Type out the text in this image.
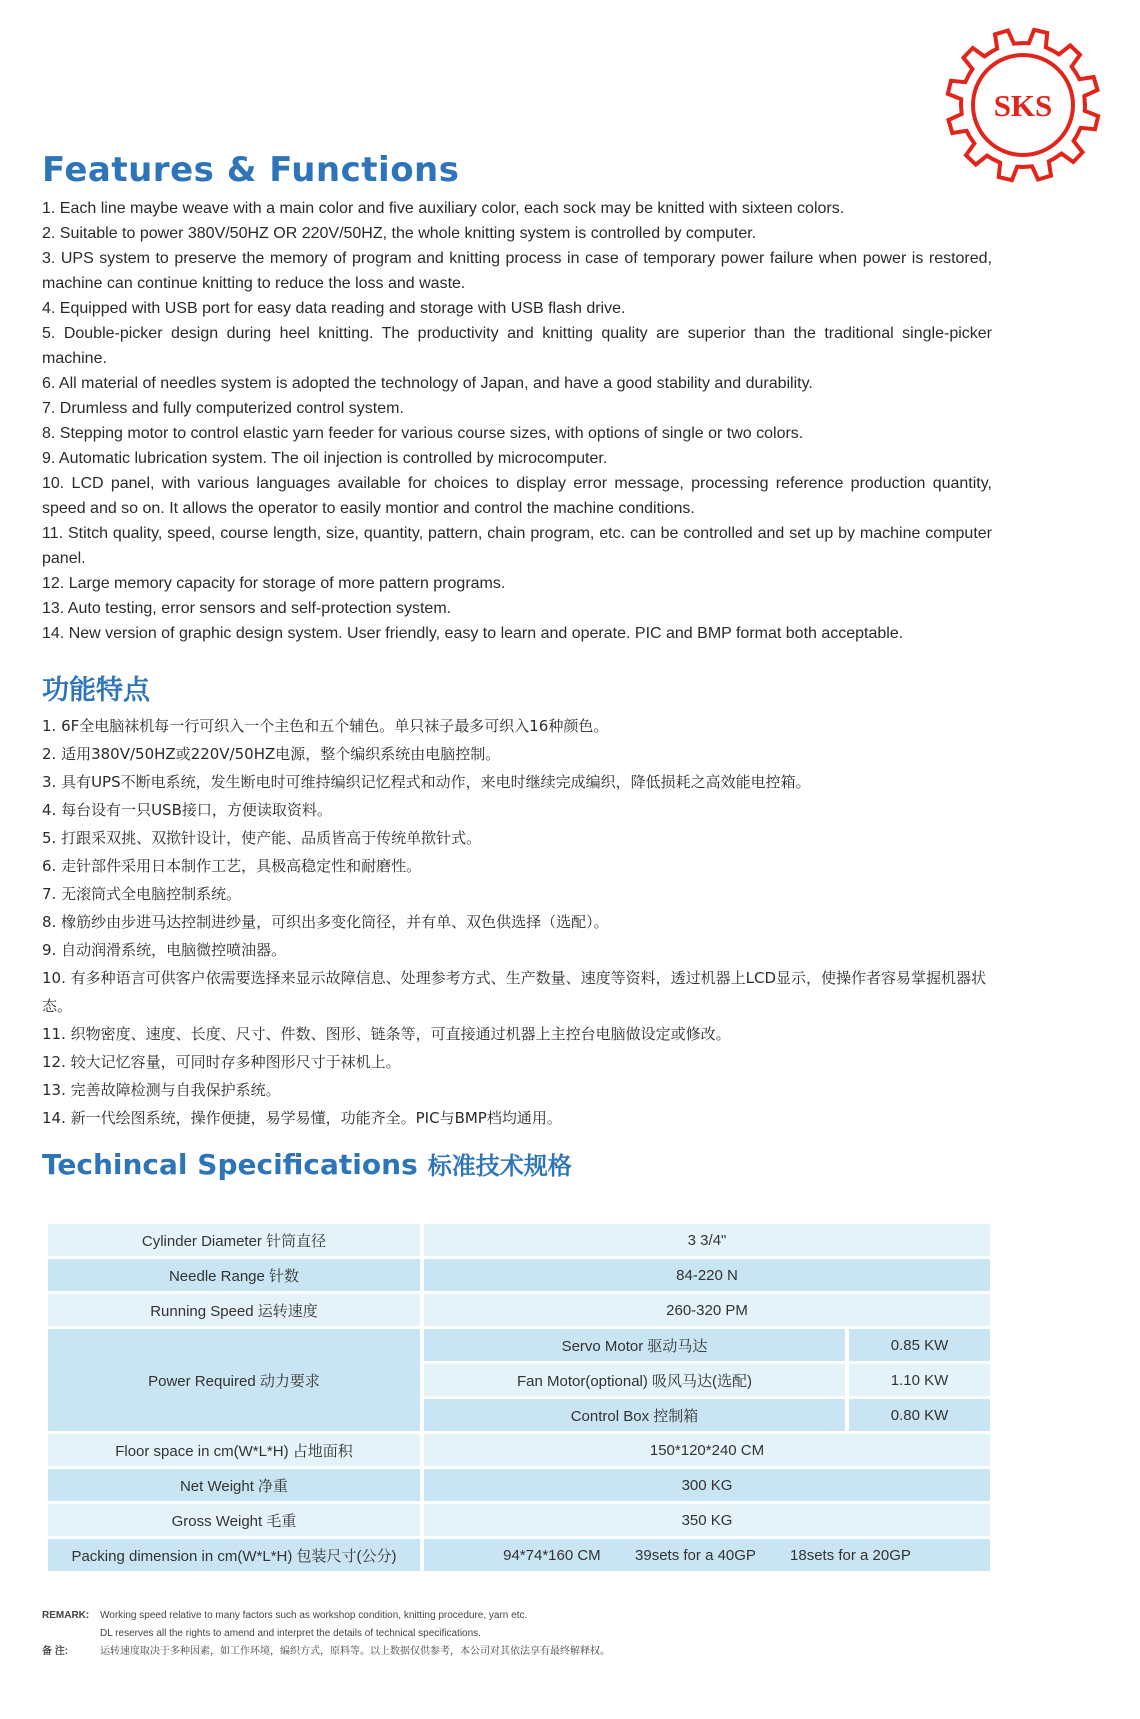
SKS
Features & Functions
1. Each line maybe weave with a main color and five auxiliary color, each sock may be knitted with sixteen colors.
2. Suitable to power 380V/50HZ OR 220V/50HZ, the whole knitting system is controlled by computer.
3. UPS system to preserve the memory of program and knitting process in case of temporary power failure when power is restored, machine can continue knitting to reduce the loss and waste.
4. Equipped with USB port for easy data reading and storage with USB flash drive.
5. Double-picker design during heel knitting. The productivity and knitting quality are superior than the traditional single-picker machine.
6. All material of needles system is adopted the technology of Japan, and have a good stability and durability.
7. Drumless and fully computerized control system.
8. Stepping motor to control elastic yarn feeder for various course sizes, with options of single or two colors.
9. Automatic lubrication system. The oil injection is controlled by microcomputer.
10. LCD panel, with various languages available for choices to display error message, processing reference production quantity, speed and so on. It allows the operator to easily montior and control the machine conditions.
11. Stitch quality, speed, course length, size, quantity, pattern, chain program, etc. can be controlled and set up by machine computer panel.
12. Large memory capacity for storage of more pattern programs.
13. Auto testing, error sensors and self-protection system.
14. New version of graphic design system. User friendly, easy to learn and operate. PIC and BMP format both acceptable.
功能特点
1. 6F全电脑袜机每一行可织入一个主色和五个辅色。单只袜子最多可织入16种颜色。
2. 适用380V/50HZ或220V/50HZ电源，整个编织系统由电脑控制。
3. 具有UPS不断电系统，发生断电时可维持编织记忆程式和动作，来电时继续完成编织，降低损耗之高效能电控箱。
4. 每台设有一只USB接口，方便读取资料。
5. 打跟采双挑、双揿针设计，使产能、品质皆高于传统单揿针式。
6. 走针部件采用日本制作工艺，具极高稳定性和耐磨性。
7. 无滚筒式全电脑控制系统。
8. 橡筋纱由步进马达控制进纱量，可织出多变化筒径，并有单、双色供选择（选配）。
9. 自动润滑系统，电脑微控喷油器。
10. 有多种语言可供客户依需要选择来显示故障信息、处理参考方式、生产数量、速度等资料，透过机器上LCD显示，使操作者容易掌握机器状态。
11. 织物密度、速度、长度、尺寸、件数、图形、链条等，可直接通过机器上主控台电脑做设定或修改。
12. 较大记忆容量，可同时存多种图形尺寸于袜机上。
13. 完善故障检测与自我保护系统。
14. 新一代绘图系统，操作便捷，易学易懂，功能齐全。PIC与BMP档均通用。
Techincal Specifications 标准技术规格
Cylinder Diameter 针筒直径	3 3/4"	
Needle Range 针数	84-220 N	
Running Speed 运转速度	260-320 PM	
Power Required 动力要求	Servo Motor 驱动马达	0.85 KW
	Fan Motor(optional) 吸风马达(选配)	1.10 KW
	Control Box 控制箱	0.80 KW
Floor space in cm(W*L*H) 占地面积	150*120*240 CM	
Net Weight 净重	300 KG	
Gross Weight 毛重	350 KG	
Packing dimension in cm(W*L*H) 包装尺寸(公分)	94*74*160 CM 39sets for a 40GP 18sets for a 20GP	
REMARK: Working speed relative to many factors such as workshop condition, knitting procedure, yarn etc.
DL reserves all the rights to amend and interpret the details of technical specifications.
备 注:	运转速度取决于多种因素，如工作环境，编织方式，原料等。以上数据仅供参考，本公司对其依法享有最终解释权。
